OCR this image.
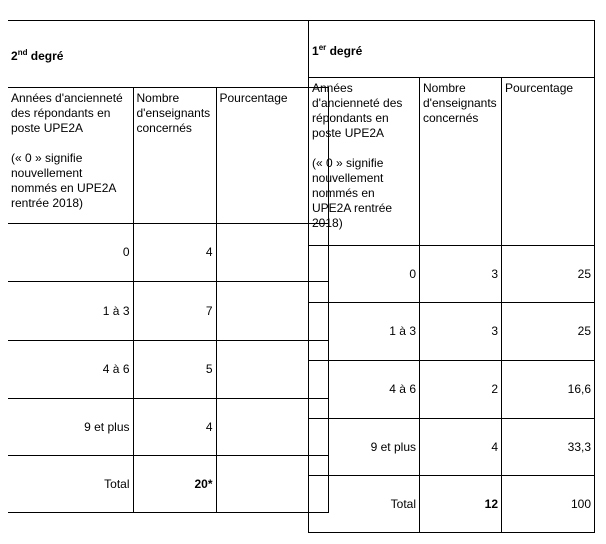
2nd degré		
Années d'ancienneté des répondants en poste UPE2A
(« 0 » signifie nouvellement nommés en UPE2A rentrée 2018)	Nombre d'enseignants concernés	Pourcentage
0	4	
1 à 3	7	
4 à 6	5	
9 et plus	4	
Total	20*	
1er degré		
Années d'ancienneté des répondants en poste UPE2A
(« 0 » signifie nouvellement nommés en UPE2A rentrée 2018)	Nombre d'enseignants concernés	Pourcentage
0	3	25
1 à 3	3	25
4 à 6	2	16,6
9 et plus	4	33,3
Total	12	100
